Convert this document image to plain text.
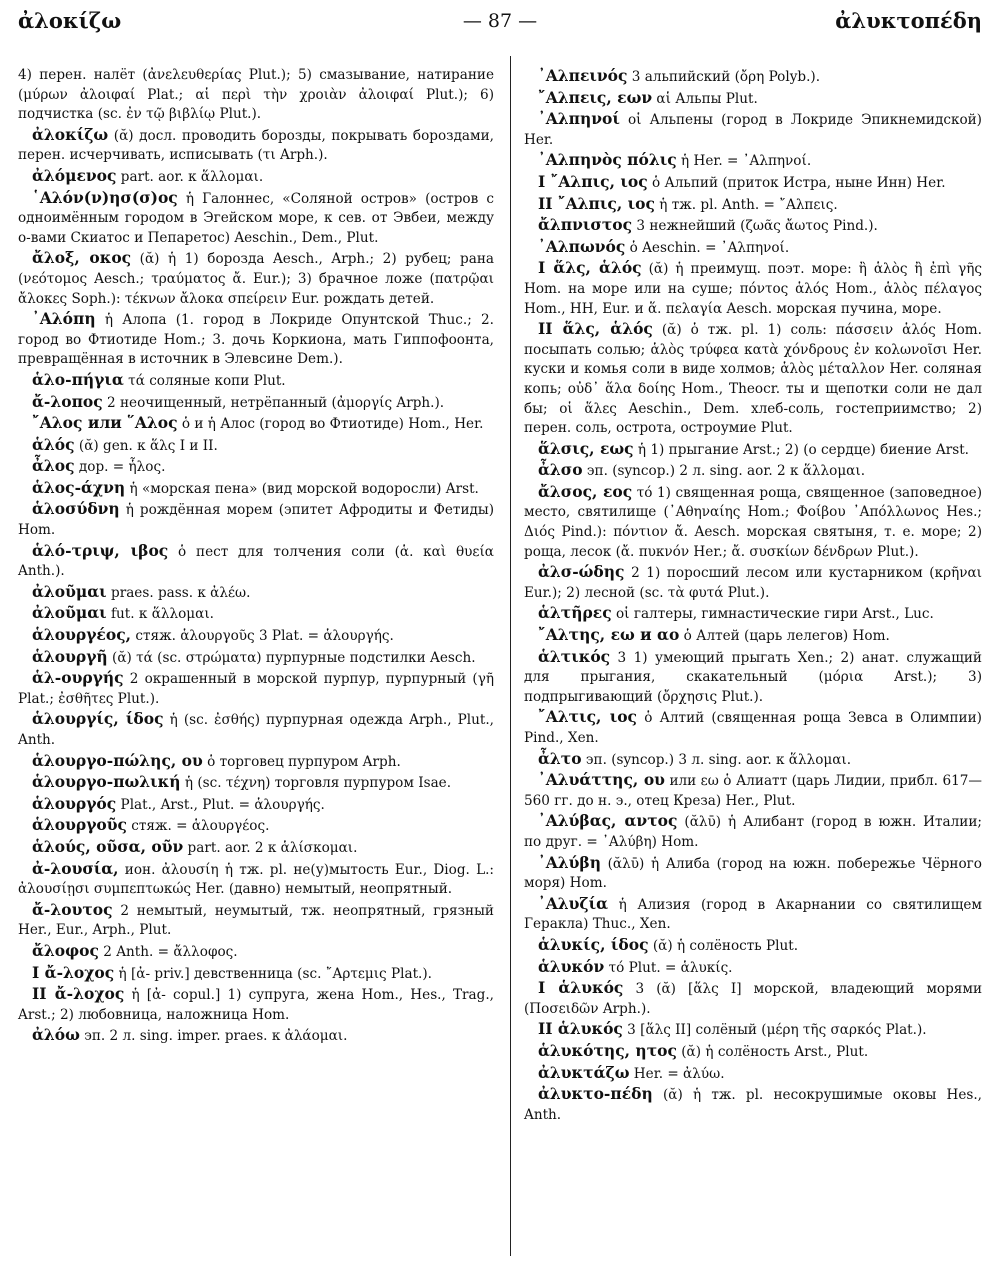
ἀλοκίζω	— 87 —	ἀλυκτοπέδη

4) перен. налёт (ἀνελευθερίας Plut.); 5) смазывание, натирание (μύρων ἀλοιφαί Plat.; αἱ περὶ τὴν χροιὰν ἀλοιφαί Plut.); 6) подчистка (sc. ἐν τῷ βιβλίῳ Plut.).

ἀλοκίζω (ᾰ) досл. проводить борозды, покрывать бороздами, перен. исчерчивать, исписывать (τι Arph.).

ἀλόμενος part. aor. к ἅλλομαι.

῾Αλόν(ν)ησ(σ)ος ἡ Галоннес, «Соляной остров» (остров с одноимённым городом в Эгейском море, к сев. от Эвбеи, между о-вами Скиатос и Пепаретос) Aeschin., Dem., Plut.

ἄλοξ, οκος (ᾰ) ἡ 1) борозда Aesch., Arph.; 2) рубец; рана (νεότομος Aesch.; τραύματος ἄ. Eur.); 3) брачное ложе (πατρῷαι ἄλοκες Soph.): τέκνων ἄλοκα σπείρειν Eur. рождать детей.

᾿Αλόπη ἡ Алопа (1. город в Локриде Опунтской Thuc.; 2. город во Фтиотиде Hom.; 3. дочь Коркиона, мать Гиппофоонта, превращённая в источник в Элевсине Dem.).

ἁλο-πήγια τά соляные копи Plut.

ἄ-λοπος 2 неочищенный, нетрёпанный (ἀμοργίς Arph.).

῎Αλος или ῞Αλος ὁ и ἡ Алос (город во Фтиотиде) Hom., Her.

ἁλός (ᾰ) gen. к ἅλς I и II.

ἆλος дор. = ἧλος.

ἁλος-άχνη ἡ «морская пена» (вид морской водоросли) Arst.

ἁλοσύδνη ἡ рождённая морем (эпитет Афродиты и Фетиды) Hom.

ἁλό-τριψ, ιβος ὁ пест для толчения соли (ἁ. καὶ θυεία Anth.).

ἀλοῦμαι praes. pass. к ἀλέω.

ἀλοῦμαι fut. к ἅλλομαι.

ἁλουργέος, стяж. ἁλουργοῦς 3 Plat. = ἁλουργής.

ἁλουργῆ (ᾰ) τά (sc. στρώματα) пурпурные подстилки Aesch.

ἁλ-ουργής 2 окрашенный в морской пурпур, пурпурный (γῆ Plat.; ἐσθῆτες Plut.).

ἁλουργίς, ίδος ἡ (sc. ἐσθής) пурпурная одежда Arph., Plut., Anth.

ἁλουργο-πώλης, ου ὁ торговец пурпуром Arph.

ἁλουργο-πωλική ἡ (sc. τέχνη) торговля пурпуром Isae.

ἁλουργός Plat., Arst., Plut. = ἁλουργής.

ἁλουργοῦς стяж. = ἁλουργέος.

ἁλούς, οῦσα, οῦν part. aor. 2 к ἁλίσκομαι.

ἀ-λουσία, ион. ἀλουσίη ἡ тж. pl. не(у)мытость Eur., Diog. L.: ἀλουσίῃσι συμπεπτωκώς Her. (давно) немытый, неопрятный.

ἄ-λουτος 2 немытый, неумытый, тж. неопрятный, грязный Her., Eur., Arph., Plut.

ἄλοφος 2 Anth. = ἄλλοφος.

I ἄ-λοχος ἡ [ἀ- priv.] девственница (sc. ῎Αρτεμις Plat.).

II ἄ-λοχος ἡ [ἀ- copul.] 1) супруга, жена Hom., Hes., Trag., Arst.; 2) любовница, наложница Hom.

ἀλόω эп. 2 л. sing. imper. praes. к ἀλάομαι.

᾿Αλπεινός 3 альпийский (ὄρη Polyb.).

῎Αλπεις, εων αἱ Альпы Plut.

᾿Αλπηνοί οἱ Альпены (город в Локриде Эпикнемидской) Her.

᾿Αλπηνὸς πόλις ἡ Her. = ᾿Αλπηνοί.

I ῎Αλπις, ιος ὁ Альпий (приток Истра, ныне Инн) Her.

II ῎Αλπις, ιος ἡ тж. pl. Anth. = ῎Αλπεις.

ἄλπνιστος 3 нежнейший (ζωᾶς ἄωτος Pind.).

᾿Αλπωνός ὁ Aeschin. = ᾿Αλπηνοί.

I ἅλς, ἁλός (ᾰ) ἡ преимущ. поэт. море: ἢ ἁλὸς ἢ ἐπὶ γῆς Hom. на море или на суше; πόντος ἁλός Hom., ἁλὸς πέλαγος Hom., HH, Eur. и ἅ. πελαγία Aesch. морская пучина, море.

II ἅλς, ἁλός (ᾰ) ὁ тж. pl. 1) соль: πάσσειν ἁλός Hom. посыпать солью; ἁλὸς τρύφεα κατὰ χόνδρους ἐν κολωνοῖσι Her. куски и комья соли в виде холмов; ἁλὸς μέταλλον Her. соляная копь; οὐδ᾿ ἅλα δοίης Hom., Theocr. ты и щепотки соли не дал бы; οἱ ἅλες Aeschin., Dem. хлеб-соль, гостеприимство; 2) перен. соль, острота, остроумие Plut.

ἅλσις, εως ἡ 1) прыгание Arst.; 2) (о сердце) биение Arst.

ἆλσο эп. (syncop.) 2 л. sing. aor. 2 к ἅλλομαι.

ἄλσος, εος τό 1) священная роща, священное (заповедное) место, святилище (᾿Αθηναίης Hom.; Φοίβου ᾿Απόλλωνος Hes.; Διός Pind.): πόντιον ἄ. Aesch. морская святыня, т. е. море; 2) роща, лесок (ἄ. πυκνόν Her.; ἄ. συσκίων δένδρων Plut.).

ἀλσ-ώδης 2 1) поросший лесом или кустарником (κρῆναι Eur.); 2) лесной (sc. τὰ φυτά Plut.).

ἁλτῆρες οἱ галтеры, гимнастические гири Arst., Luc.

῎Αλτης, εω и αο ὁ Алтей (царь лелегов) Hom.

ἁλτικός 3 1) умеющий прыгать Xen.; 2) анат. служащий для прыгания, скакательный (μόρια Arst.); 3) подпрыгивающий (ὄρχησις Plut.).

῎Αλτις, ιος ὁ Алтий (священная роща Зевса в Олимпии) Pind., Xen.

ἆλτο эп. (syncop.) 3 л. sing. aor. к ἅλλομαι.

᾿Αλυάττης, ου или εω ὁ Алиатт (царь Лидии, прибл. 617—560 гг. до н. э., отец Креза) Her., Plut.

᾿Αλύβας, αντος (ᾰλῡ) ἡ Алибант (город в южн. Италии; по друг. = ᾿Αλύβη) Hom.

᾿Αλύβη (ᾰλῡ) ἡ Алиба (город на южн. побережье Чёрного моря) Hom.

᾿Αλυζία ἡ Ализия (город в Акарнании со святилищем Геракла) Thuc., Xen.

ἁλυκίς, ίδος (ᾰ) ἡ солёность Plut.

ἁλυκόν τό Plut. = ἁλυκίς.

I ἁλυκός 3 (ᾰ) [ἅλς I] морской, владеющий морями (Ποσειδῶν Arph.).

II ἁλυκός 3 [ἅλς II] солёный (μέρη τῆς σαρκός Plat.).

ἁλυκότης, ητος (ᾰ) ἡ солёность Arst., Plut.

ἀλυκτάζω Her. = ἀλύω.

ἀλυκτο-πέδη (ᾰ) ἡ тж. pl. несокрушимые оковы Hes., Anth.
